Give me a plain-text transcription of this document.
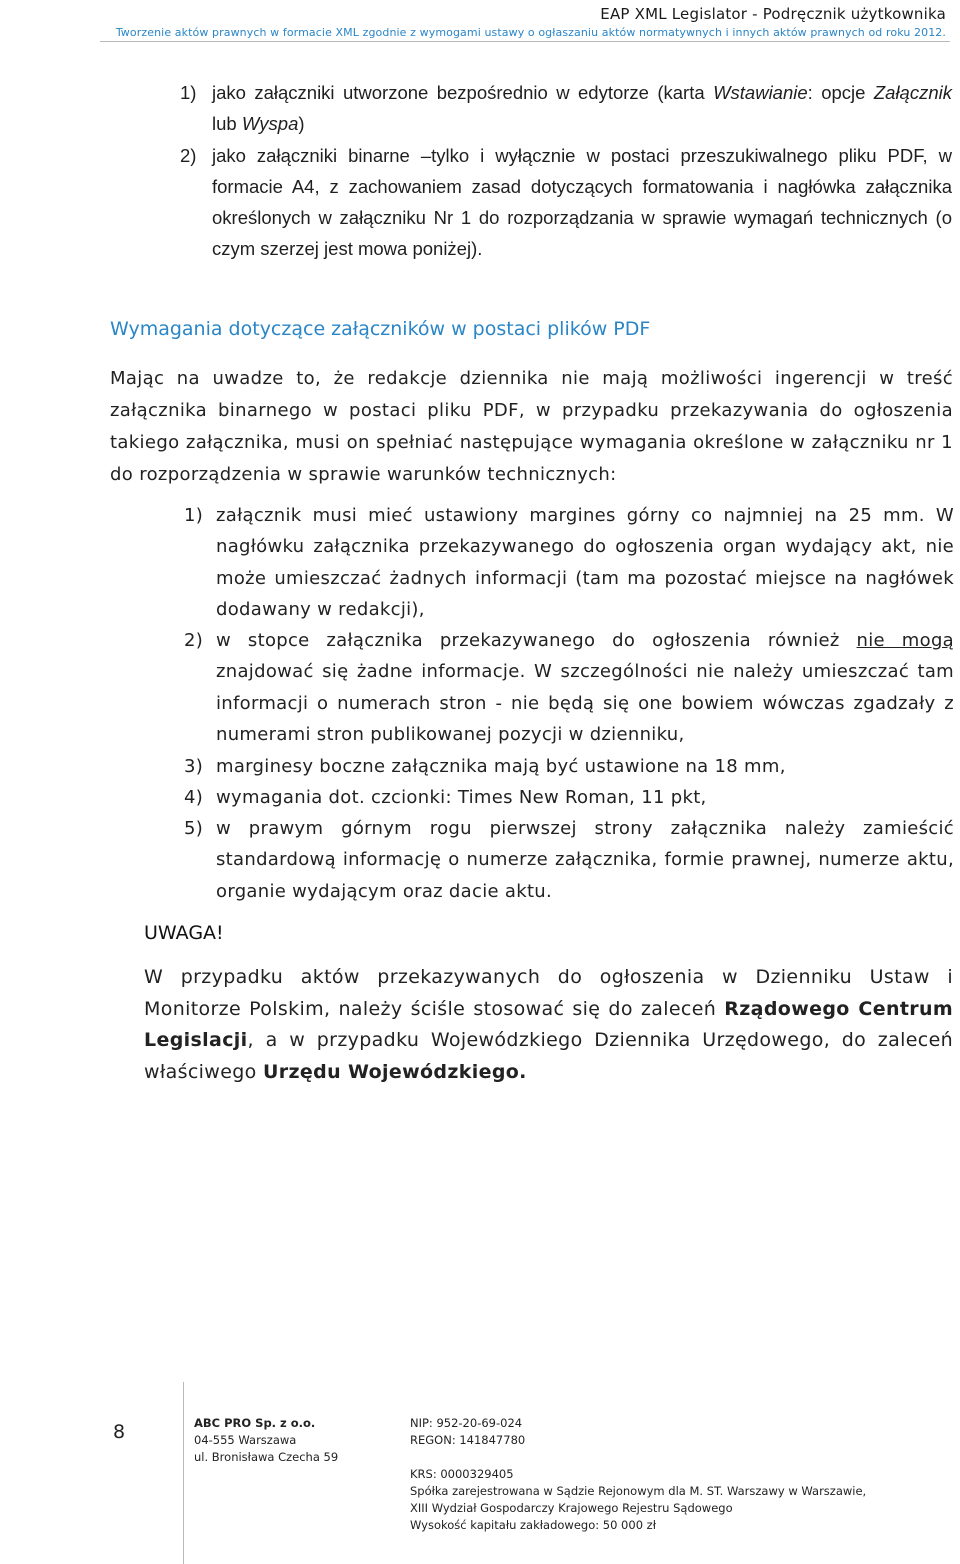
EAP XML Legislator - Podręcznik użytkownika
Tworzenie aktów prawnych w formacie XML zgodnie z wymogami ustawy o ogłaszaniu aktów normatywnych i innych aktów prawnych od roku 2012.
1) jako załączniki utworzone bezpośrednio w edytorze (karta Wstawianie: opcje Załącznik lub Wyspa)
2) jako załączniki binarne –tylko i wyłącznie w postaci przeszukiwalnego pliku PDF, w formacie A4, z zachowaniem zasad dotyczących formatowania i nagłówka załącznika określonych w załączniku Nr 1 do rozporządzania w sprawie wymagań technicznych (o czym szerzej jest mowa poniżej).
Wymagania dotyczące załączników w postaci plików PDF
Mając na uwadze to, że redakcje dziennika nie mają możliwości ingerencji w treść załącznika binarnego w postaci pliku PDF, w przypadku przekazywania do ogłoszenia takiego załącznika, musi on spełniać następujące wymagania określone w załączniku nr 1 do rozporządzenia w sprawie warunków technicznych:
1) załącznik musi mieć ustawiony margines górny co najmniej na 25 mm. W nagłówku załącznika przekazywanego do ogłoszenia organ wydający akt, nie może umieszczać żadnych informacji (tam ma pozostać miejsce na nagłówek dodawany w redakcji),
2) w stopce załącznika przekazywanego do ogłoszenia również nie mogą znajdować się żadne informacje. W szczególności nie należy umieszczać tam informacji o numerach stron - nie będą się one bowiem wówczas zgadzały z numerami stron publikowanej pozycji w dzienniku,
3) marginesy boczne załącznika mają być ustawione na 18 mm,
4) wymagania dot. czcionki: Times New Roman, 11 pkt,
5) w prawym górnym rogu pierwszej strony załącznika należy zamieścić standardową informację o numerze załącznika, formie prawnej, numerze aktu, organie wydającym oraz dacie aktu.
UWAGA!
W przypadku aktów przekazywanych do ogłoszenia w Dzienniku Ustaw i Monitorze Polskim, należy ściśle stosować się do zaleceń Rządowego Centrum Legislacji, a w przypadku Wojewódzkiego Dziennika Urzędowego, do zaleceń właściwego Urzędu Wojewódzkiego.
8	ABC PRO Sp. z o.o.
04-555 Warszawa
ul. Bronisława Czecha 59
NIP: 952-20-69-024
REGON: 141847780
KRS: 0000329405
Spółka zarejestrowana w Sądzie Rejonowym dla M. ST. Warszawy w Warszawie,
XIII Wydział Gospodarczy Krajowego Rejestru Sądowego
Wysokość kapitału zakładowego: 50 000 zł
